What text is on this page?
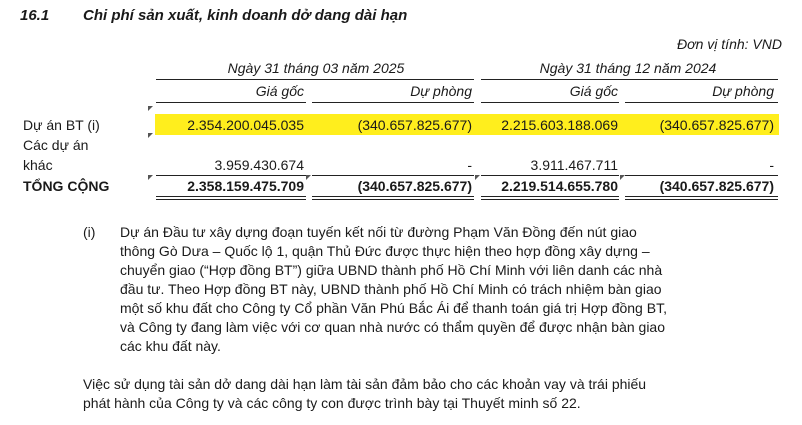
16.1 Chi phí sản xuất, kinh doanh dở dang dài hạn
Đơn vị tính: VND
Ngày 31 tháng 03 năm 2025	Ngày 31 tháng 12 năm 2024
Giá gốc	Dự phòng	Giá gốc	Dự phòng
Dự án BT (i)	2.354.200.045.035	(340.657.825.677)	2.215.603.188.069	(340.657.825.677)
Các dự án
khác	3.959.430.674	-	3.911.467.711	-
TỔNG CỘNG	2.358.159.475.709	(340.657.825.677)	2.219.514.655.780	(340.657.825.677)
(i) Dự án Đầu tư xây dựng đoạn tuyến kết nối từ đường Phạm Văn Đồng đến nút giao
thông Gò Dưa – Quốc lộ 1, quận Thủ Đức được thực hiện theo hợp đồng xây dựng –
chuyển giao (“Hợp đồng BT”) giữa UBND thành phố Hồ Chí Minh với liên danh các nhà
đầu tư. Theo Hợp đồng BT này, UBND thành phố Hồ Chí Minh có trách nhiệm bàn giao
một số khu đất cho Công ty Cổ phần Văn Phú Bắc Ái để thanh toán giá trị Hợp đồng BT,
và Công ty đang làm việc với cơ quan nhà nước có thẩm quyền để được nhận bàn giao
các khu đất này.
Việc sử dụng tài sản dở dang dài hạn làm tài sản đảm bảo cho các khoản vay và trái phiếu
phát hành của Công ty và các công ty con được trình bày tại Thuyết minh số 22.
